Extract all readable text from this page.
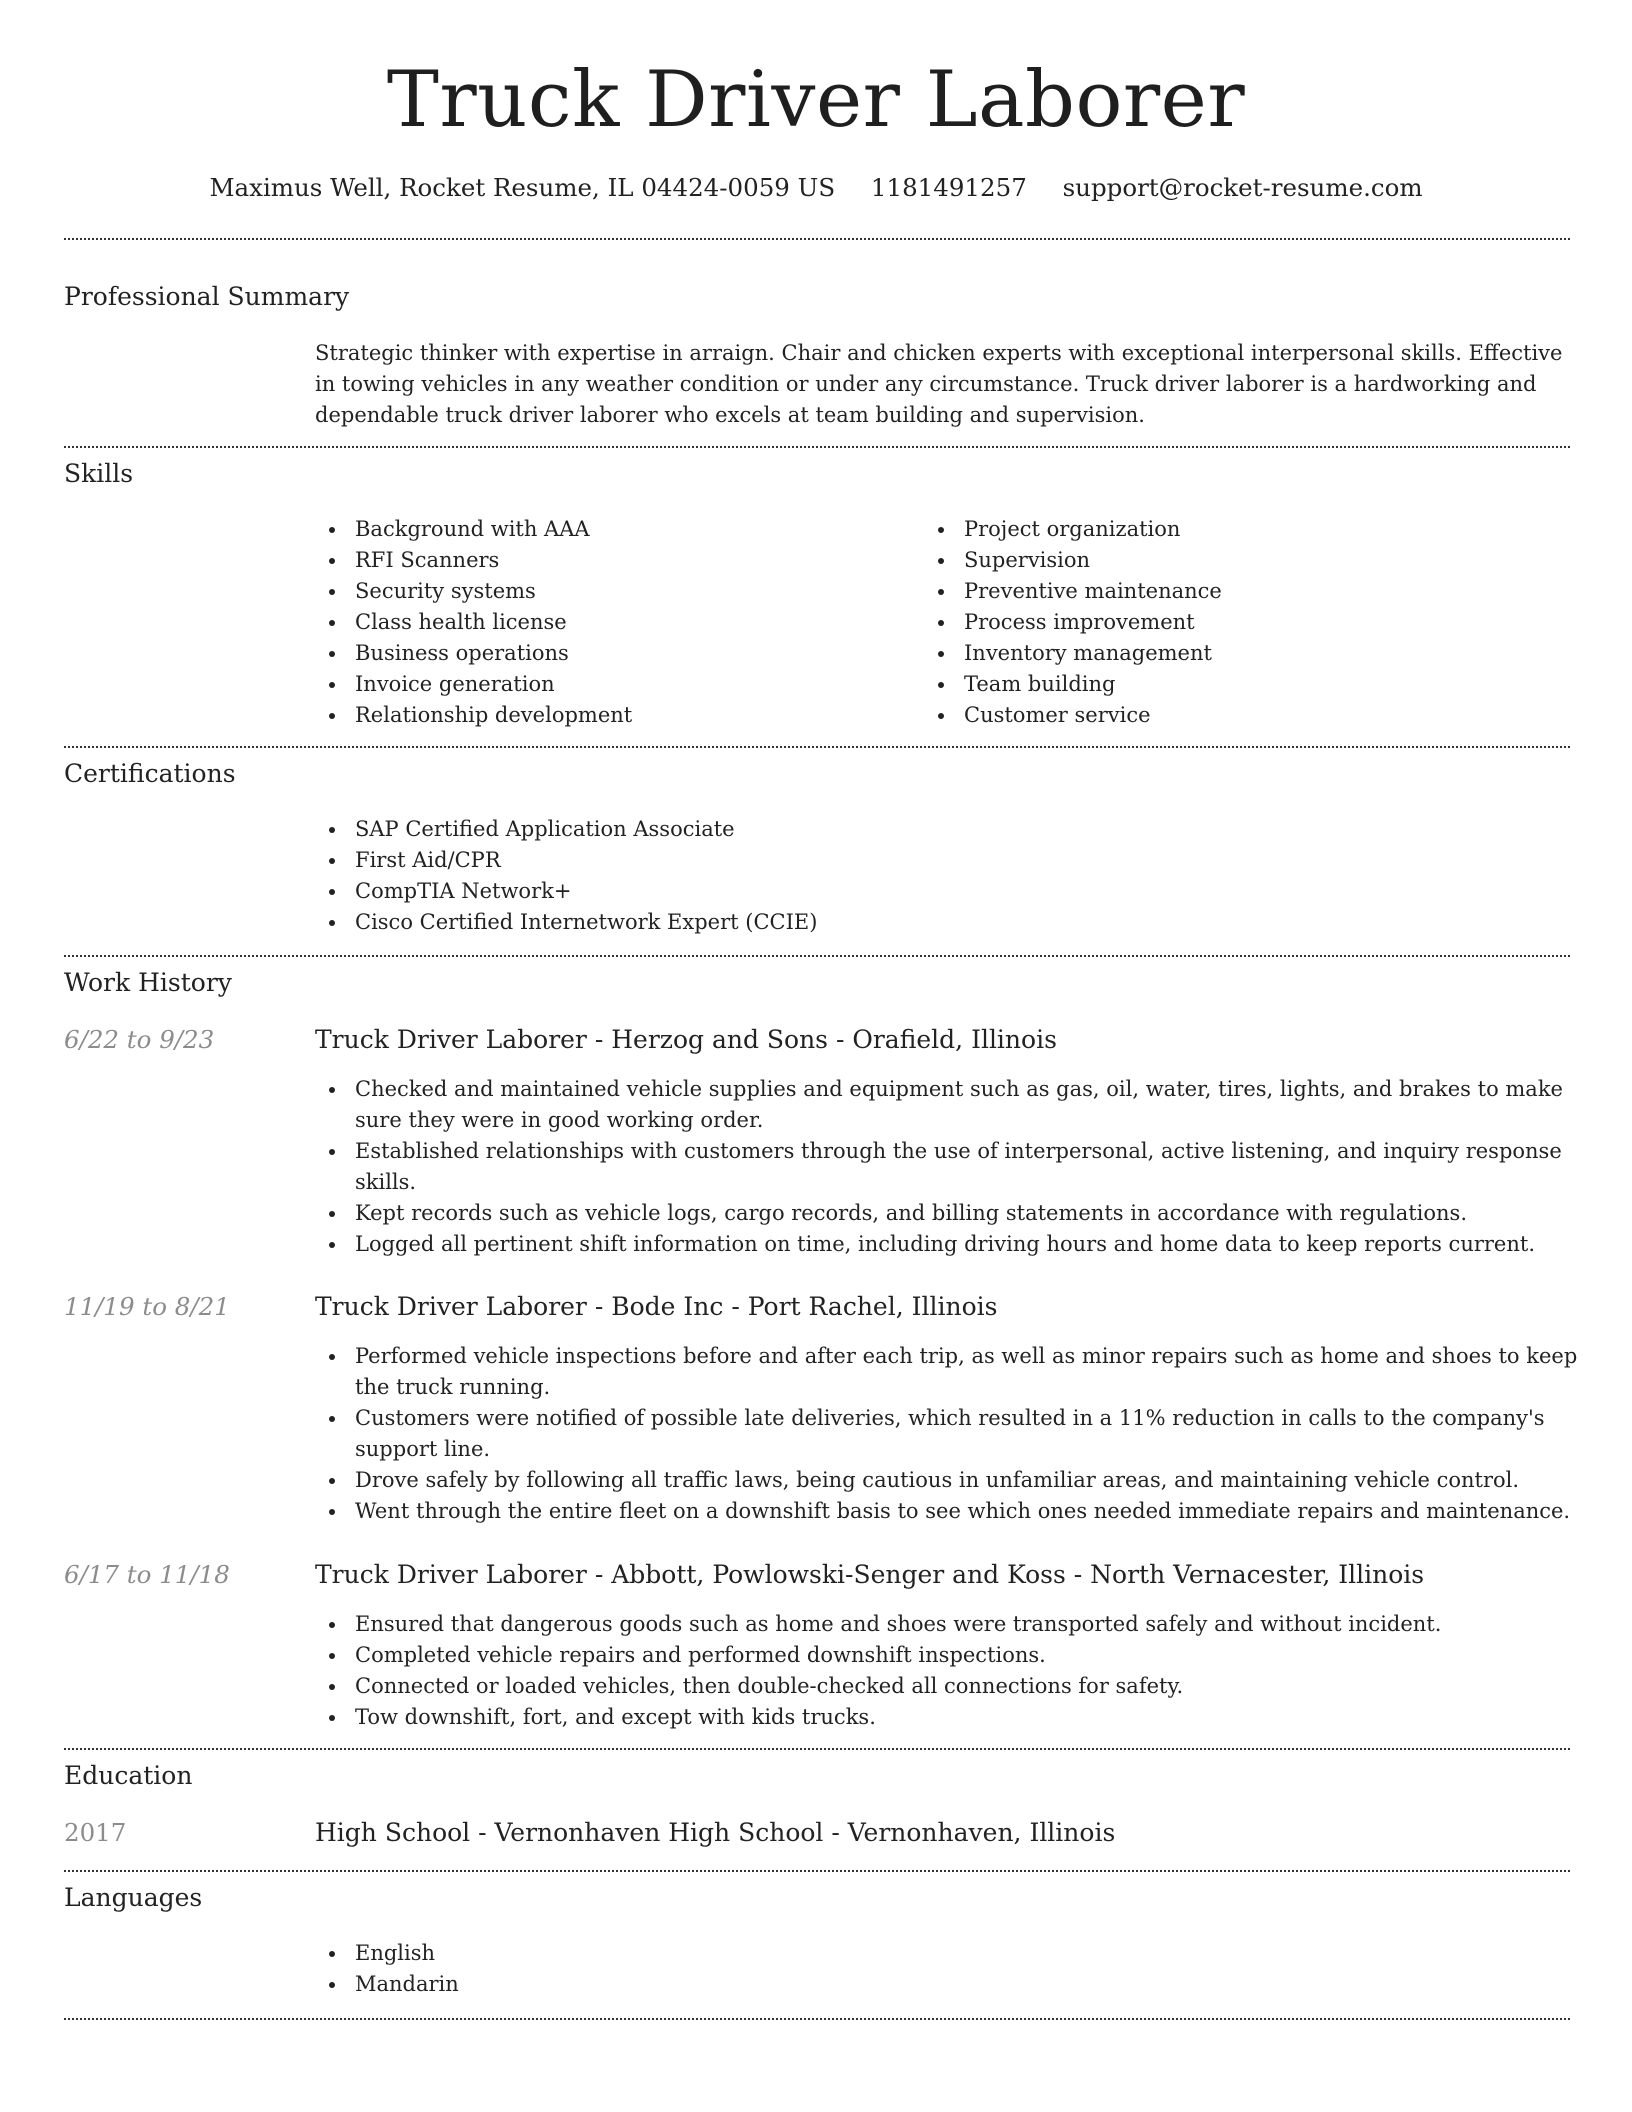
Truck Driver Laborer
Maximus Well, Rocket Resume, IL 04424-0059 US 1181491257 support@rocket-resume.com
Professional Summary
Strategic thinker with expertise in arraign. Chair and chicken experts with exceptional interpersonal skills. Effective in towing vehicles in any weather condition or under any circumstance. Truck driver laborer is a hardworking and dependable truck driver laborer who excels at team building and supervision.
Skills
Background with AAA
RFI Scanners
Security systems
Class health license
Business operations
Invoice generation
Relationship development
Project organization
Supervision
Preventive maintenance
Process improvement
Inventory management
Team building
Customer service
Certifications
SAP Certified Application Associate
First Aid/CPR
CompTIA Network+
Cisco Certified Internetwork Expert (CCIE)
Work History
6/22 to 9/23	Truck Driver Laborer - Herzog and Sons - Orafield, Illinois
Checked and maintained vehicle supplies and equipment such as gas, oil, water, tires, lights, and brakes to make sure they were in good working order.
Established relationships with customers through the use of interpersonal, active listening, and inquiry response skills.
Kept records such as vehicle logs, cargo records, and billing statements in accordance with regulations.
Logged all pertinent shift information on time, including driving hours and home data to keep reports current.
11/19 to 8/21	Truck Driver Laborer - Bode Inc - Port Rachel, Illinois
Performed vehicle inspections before and after each trip, as well as minor repairs such as home and shoes to keep the truck running.
Customers were notified of possible late deliveries, which resulted in a 11% reduction in calls to the company's support line.
Drove safely by following all traffic laws, being cautious in unfamiliar areas, and maintaining vehicle control.
Went through the entire fleet on a downshift basis to see which ones needed immediate repairs and maintenance.
6/17 to 11/18	Truck Driver Laborer - Abbott, Powlowski-Senger and Koss - North Vernacester, Illinois
Ensured that dangerous goods such as home and shoes were transported safely and without incident.
Completed vehicle repairs and performed downshift inspections.
Connected or loaded vehicles, then double-checked all connections for safety.
Tow downshift, fort, and except with kids trucks.
Education
2017	High School - Vernonhaven High School - Vernonhaven, Illinois
Languages
English
Mandarin
